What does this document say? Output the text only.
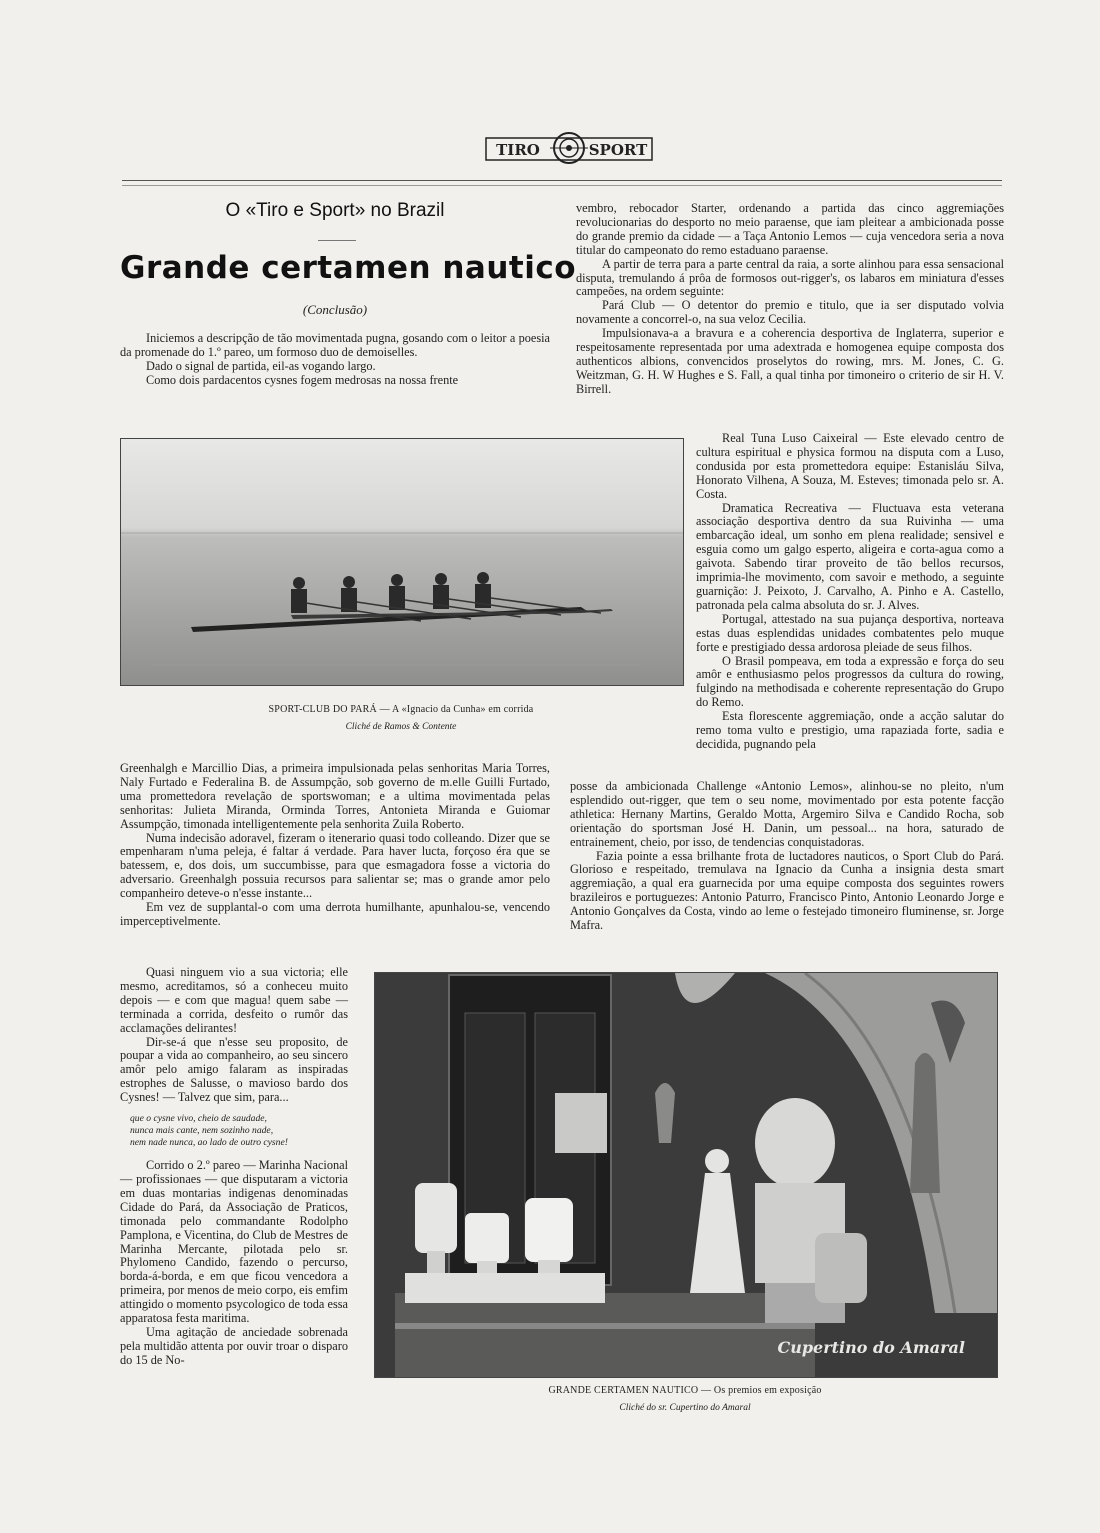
TIRO	SPORT
O «Tiro e Sport» no Brazil
Grande certamen nautico
(Conclusão)

Iniciemos a descripção de tão movimentada pugna, gosando com o leitor a poesia da promenade do 1.º pareo, um formoso duo de demoiselles.

Dado o signal de partida, eil-as vogando largo.

Como dois pardacentos cysnes fogem medrosas na nossa frente

vembro, rebocador Starter, ordenando a partida das cinco aggremiações revolucionarias do desporto no meio paraense, que iam pleitear a ambicionada posse do grande premio da cidade — a Taça Antonio Lemos — cuja vencedora seria a nova titular do campeonato do remo estaduano paraense.

A partir de terra para a parte central da raia, a sorte alinhou para essa sensacional disputa, tremulando á prôa de formosos out-rigger's, os labaros em miniatura d'esses campeões, na ordem seguinte:

Pará Club — O detentor do premio e titulo, que ia ser disputado volvia novamente a concorrel-o, na sua veloz Cecilia.

Impulsionava-a a bravura e a coherencia desportiva de Inglaterra, superior e respeitosamente representada por uma adextrada e homogenea equipe composta dos authenticos albions, convencidos proselytos do rowing, mrs. M. Jones, C. G. Weitzman, G. H. W Hughes e S. Fall, a qual tinha por timoneiro o criterio de sir H. V. Birrell.

Real Tuna Luso Caixeiral — Este elevado centro de cultura espiritual e physica formou na disputa com a Luso, condusida por esta promettedora equipe: Estanisláu Silva, Honorato Vilhena, A Souza, M. Esteves; timonada pelo sr. A. Costa.

Dramatica Recreativa — Fluctuava esta veterana associação desportiva dentro da sua Ruivinha — uma embarcação ideal, um sonho em plena realidade; sensivel e esguia como um galgo esperto, aligeira e corta-agua como a gaivota. Sabendo tirar proveito de tão bellos recursos, imprimia-lhe movimento, com savoir e methodo, a seguinte guarnição: J. Peixoto, J. Carvalho, A. Pinho e A. Castello, patronada pela calma absoluta do sr. J. Alves.

Portugal, attestado na sua pujança desportiva, norteava estas duas esplendidas unidades combatentes pelo muque forte e prestigiado dessa ardorosa pleiade de seus filhos.

O Brasil pompeava, em toda a expressão e força do seu amôr e enthusiasmo pelos progressos da cultura do rowing, fulgindo na methodisada e coherente representação do Grupo do Remo.

Esta florescente aggremiação, onde a acção salutar do remo toma vulto e prestigio, uma rapaziada forte, sadia e decidida, pugnando pela

SPORT-CLUB DO PARÁ — A «Ignacio da Cunha» em corrida
Cliché de Ramos & Contente

Greenhalgh e Marcillio Dias, a primeira impulsionada pelas senhoritas Maria Torres, Naly Furtado e Federalina B. de Assumpção, sob governo de m.elle Guilli Furtado, uma promettedora revelação de sportswoman; e a ultima movimentada pelas senhoritas: Julieta Miranda, Orminda Torres, Antonieta Miranda e Guiomar Assumpção, timonada intelligentemente pela senhorita Zuila Roberto.

Numa indecisão adoravel, fizeram o itenerario quasi todo colleando. Dizer que se empenharam n'uma peleja, é faltar á verdade. Para haver lucta, forçoso éra que se batessem, e, dos dois, um succumbisse, para que esmagadora fosse a victoria do adversario. Greenhalgh possuia recursos para salientar se; mas o grande amor pelo companheiro deteve-o n'esse instante...

Em vez de supplantal-o com uma derrota humilhante, apunhalou-se, vencendo imperceptivelmente.

posse da ambicionada Challenge «Antonio Lemos», alinhou-se no pleito, n'um esplendido out-rigger, que tem o seu nome, movimentado por esta potente facção athletica: Hernany Martins, Geraldo Motta, Argemiro Silva e Candido Rocha, sob orientação do sportsman José H. Danin, um pessoal... na hora, saturado de entrainement, cheio, por isso, de tendencias conquistadoras.

Fazia pointe a essa brilhante frota de luctadores nauticos, o Sport Club do Pará. Glorioso e respeitado, tremulava na Ignacio da Cunha a insignia desta smart aggremiação, a qual era guarnecida por uma equipe composta dos seguintes rowers brazileiros e portuguezes: Antonio Paturro, Francisco Pinto, Antonio Leonardo Jorge e Antonio Gonçalves da Costa, vindo ao leme o festejado timoneiro fluminense, sr. Jorge Mafra.

Quasi ninguem vio a sua victoria; elle mesmo, acreditamos, só a conheceu muito depois — e com que magua! quem sabe — terminada a corrida, desfeito o rumôr das acclamações delirantes!

Dir-se-á que n'esse seu proposito, de poupar a vida ao companheiro, ao seu sincero amôr pelo amigo falaram as inspiradas estrophes de Salusse, o mavioso bardo dos Cysnes! — Talvez que sim, para...

que o cysne vivo, cheio de saudade,
nunca mais cante, nem sozinho nade,
nem nade nunca, ao lado de outro cysne!

Corrido o 2.º pareo — Marinha Nacional — profissionaes — que disputaram a victoria em duas montarias indigenas denominadas Cidade do Pará, da Associação de Praticos, timonada pelo commandante Rodolpho Pamplona, e Vicentina, do Club de Mestres de Marinha Mercante, pilotada pelo sr. Phylomeno Candido, fazendo o percurso, borda-á-borda, e em que ficou vencedora a primeira, por menos de meio corpo, eis emfim attingido o momento psycologico de toda essa apparatosa festa maritima.

Uma agitação de anciedade sobrenada pela multidão attenta por ouvir troar o disparo do 15 de No-

Cupertino do Amaral
GRANDE CERTAMEN NAUTICO — Os premios em exposição
Cliché do sr. Cupertino do Amaral
